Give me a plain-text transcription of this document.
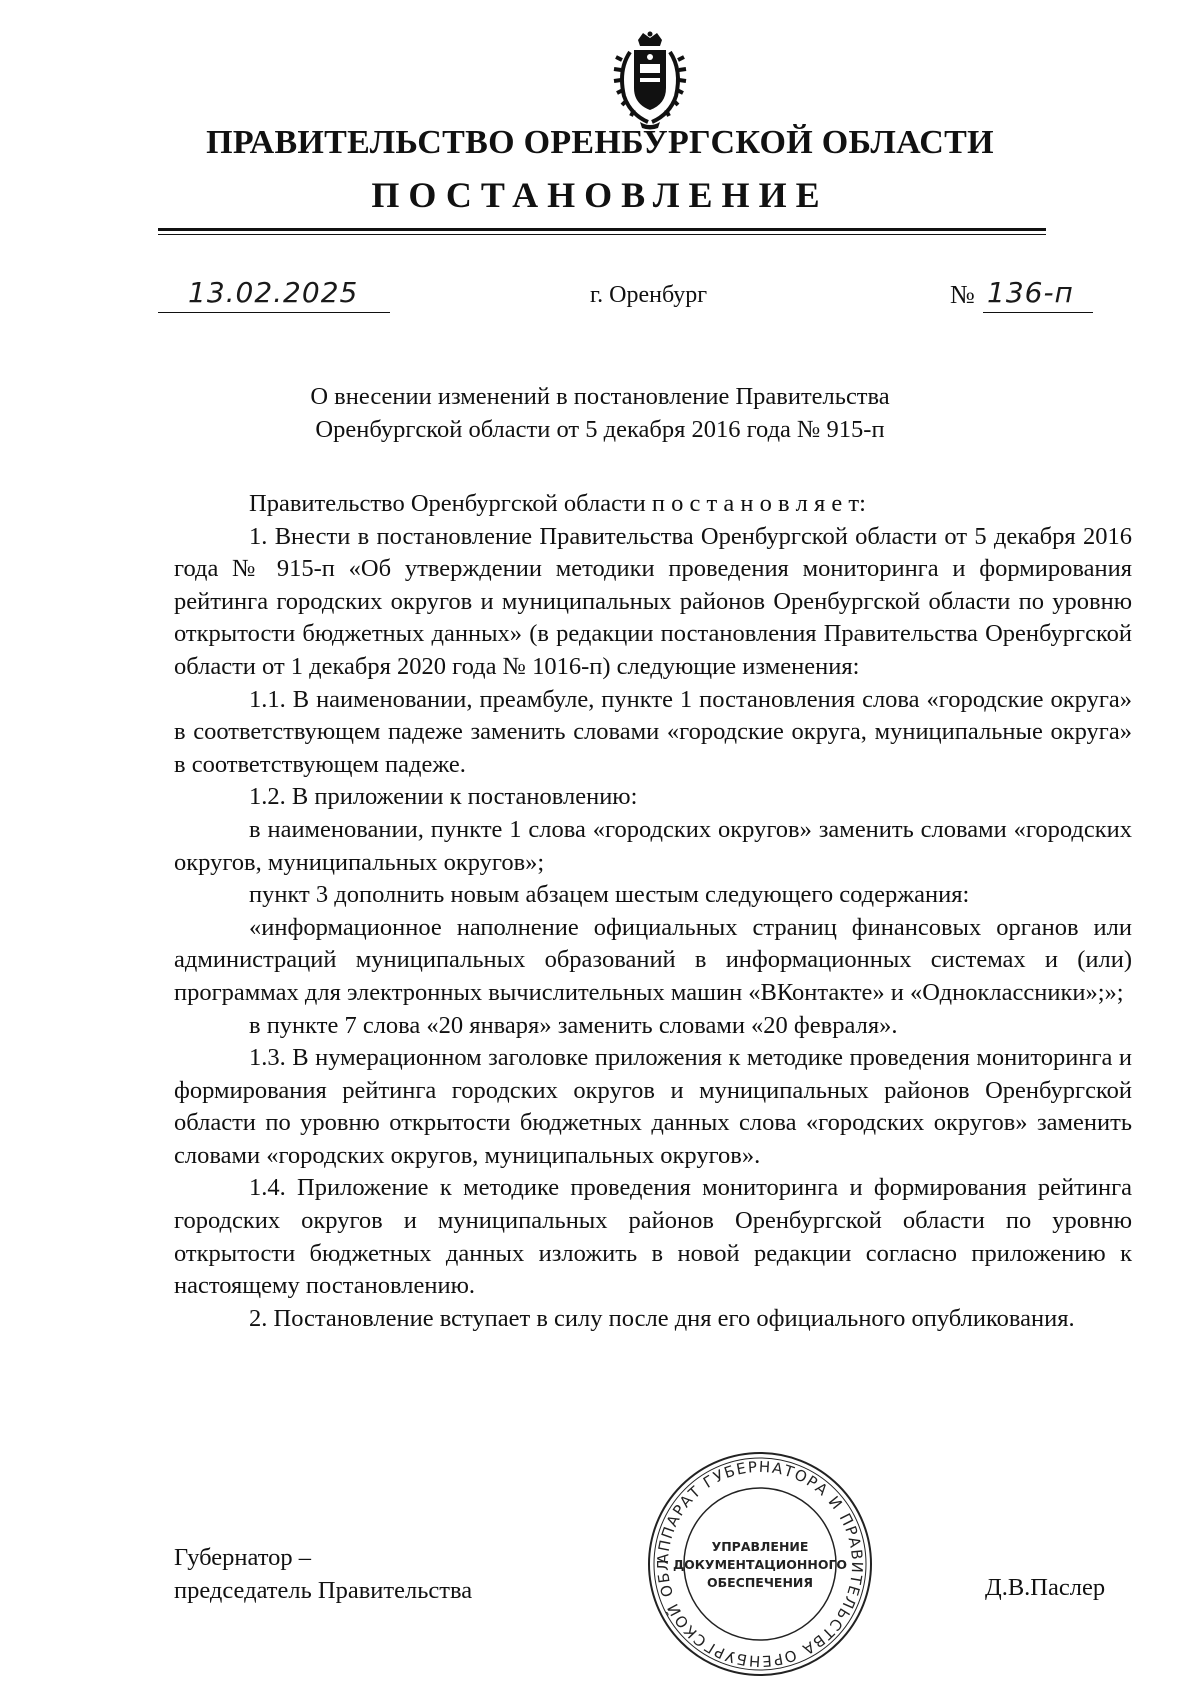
ПРАВИТЕЛЬСТВО ОРЕНБУРГСКОЙ ОБЛАСТИ
ПОСТАНОВЛЕНИЕ
13.02.2025	г. Оренбург	№ 136-п
О внесении изменений в постановление Правительства
Оренбургской области от 5 декабря 2016 года № 915-п

Правительство Оренбургской области п о с т а н о в л я е т:

1. Внести в постановление Правительства Оренбургской области от 5 декабря 2016 года № 915-п «Об утверждении методики проведения мониторинга и формирования рейтинга городских округов и муниципальных районов Оренбургской области по уровню открытости бюджетных данных» (в редакции постановления Правительства Оренбургской области от 1 декабря 2020 года № 1016-п) следующие изменения:

1.1. В наименовании, преамбуле, пункте 1 постановления слова «городские округа» в соответствующем падеже заменить словами «городские округа, муниципальные округа» в соответствующем падеже.

1.2. В приложении к постановлению:

в наименовании, пункте 1 слова «городских округов» заменить словами «городских округов, муниципальных округов»;

пункт 3 дополнить новым абзацем шестым следующего содержания:

«информационное наполнение официальных страниц финансовых органов или администраций муниципальных образований в информационных системах и (или) программах для электронных вычислительных машин «ВКонтакте» и «Одноклассники»;»;

в пункте 7 слова «20 января» заменить словами «20 февраля».

1.3. В нумерационном заголовке приложения к методике проведения мониторинга и формирования рейтинга городских округов и муниципальных районов Оренбургской области по уровню открытости бюджетных данных слова «городских округов» заменить словами «городских округов, муниципальных округов».

1.4. Приложение к методике проведения мониторинга и формирования рейтинга городских округов и муниципальных районов Оренбургской области по уровню открытости бюджетных данных изложить в новой редакции согласно приложению к настоящему постановлению.

2. Постановление вступает в силу после дня его официального опубликования.

Губернатор –
председатель Правительства	Д.В.Паслер
АППАРАТ ГУБЕРНАТОРА И ПРАВИТЕЛЬСТВА ОРЕНБУРГСКОЙ ОБЛ
УПРАВЛЕНИЕ
ДОКУМЕНТАЦИОННОГО
ОБЕСПЕЧЕНИЯ
